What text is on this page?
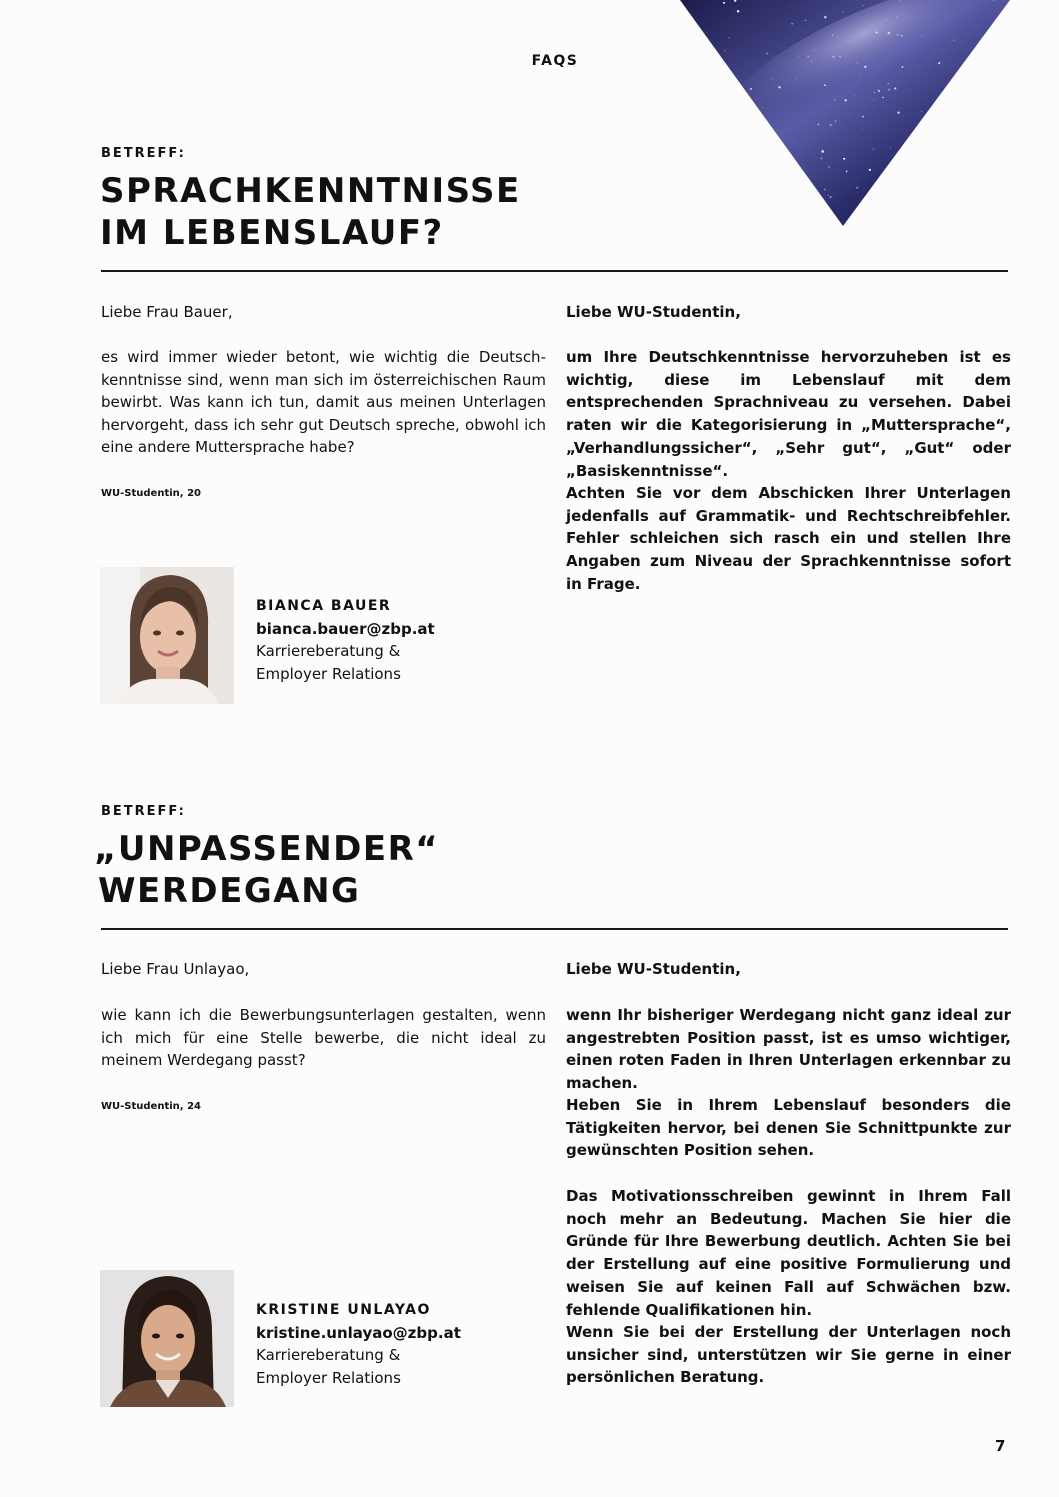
FAQS
BETREFF:
SPRACHKENNTNISSE
IM LEBENSLAUF?
Liebe Frau Bauer,

es wird immer wieder betont, wie wichtig die Deutschkenntnisse sind, wenn man sich im österreichischen Raum bewirbt. Was kann ich tun, damit aus meinen Unterlagen hervorgeht, dass ich sehr gut Deutsch spreche, obwohl ich eine andere Muttersprache habe?

WU-Studentin, 20
Liebe WU-Studentin,

um Ihre Deutschkenntnisse hervorzuheben ist es wichtig, diese im Lebenslauf mit dem entsprechenden Sprachniveau zu versehen. Dabei raten wir die Kategorisierung in „Muttersprache“, „Verhandlungssicher“, „Sehr gut“, „Gut“ oder „Basiskenntnisse“.

Achten Sie vor dem Abschicken Ihrer Unterlagen jedenfalls auf Grammatik- und Rechtschreibfehler. Fehler schleichen sich rasch ein und stellen Ihre Angaben zum Niveau der Sprachkenntnisse sofort in Frage.

BIANCA BAUER
bianca.bauer@zbp.at
Karriereberatung &
Employer Relations
BETREFF:
„UNPASSENDER“
WERDEGANG
Liebe Frau Unlayao,

wie kann ich die Bewerbungsunterlagen gestalten, wenn ich mich für eine Stelle bewerbe, die nicht ideal zu meinem Werdegang passt?

WU-Studentin, 24
Liebe WU-Studentin,

wenn Ihr bisheriger Werdegang nicht ganz ideal zur angestrebten Position passt, ist es umso wichtiger, einen roten Faden in Ihren Unterlagen erkennbar zu machen.

Heben Sie in Ihrem Lebenslauf besonders die Tätigkeiten hervor, bei denen Sie Schnittpunkte zur gewünschten Position sehen.

Das Motivationsschreiben gewinnt in Ihrem Fall noch mehr an Bedeutung. Machen Sie hier die Gründe für Ihre Bewerbung deutlich. Achten Sie bei der Erstellung auf eine positive Formulierung und weisen Sie auf keinen Fall auf Schwächen bzw. fehlende Qualifikationen hin.

Wenn Sie bei der Erstellung der Unterlagen noch unsicher sind, unterstützen wir Sie gerne in einer persönlichen Beratung.

KRISTINE UNLAYAO
kristine.unlayao@zbp.at
Karriereberatung &
Employer Relations
7
